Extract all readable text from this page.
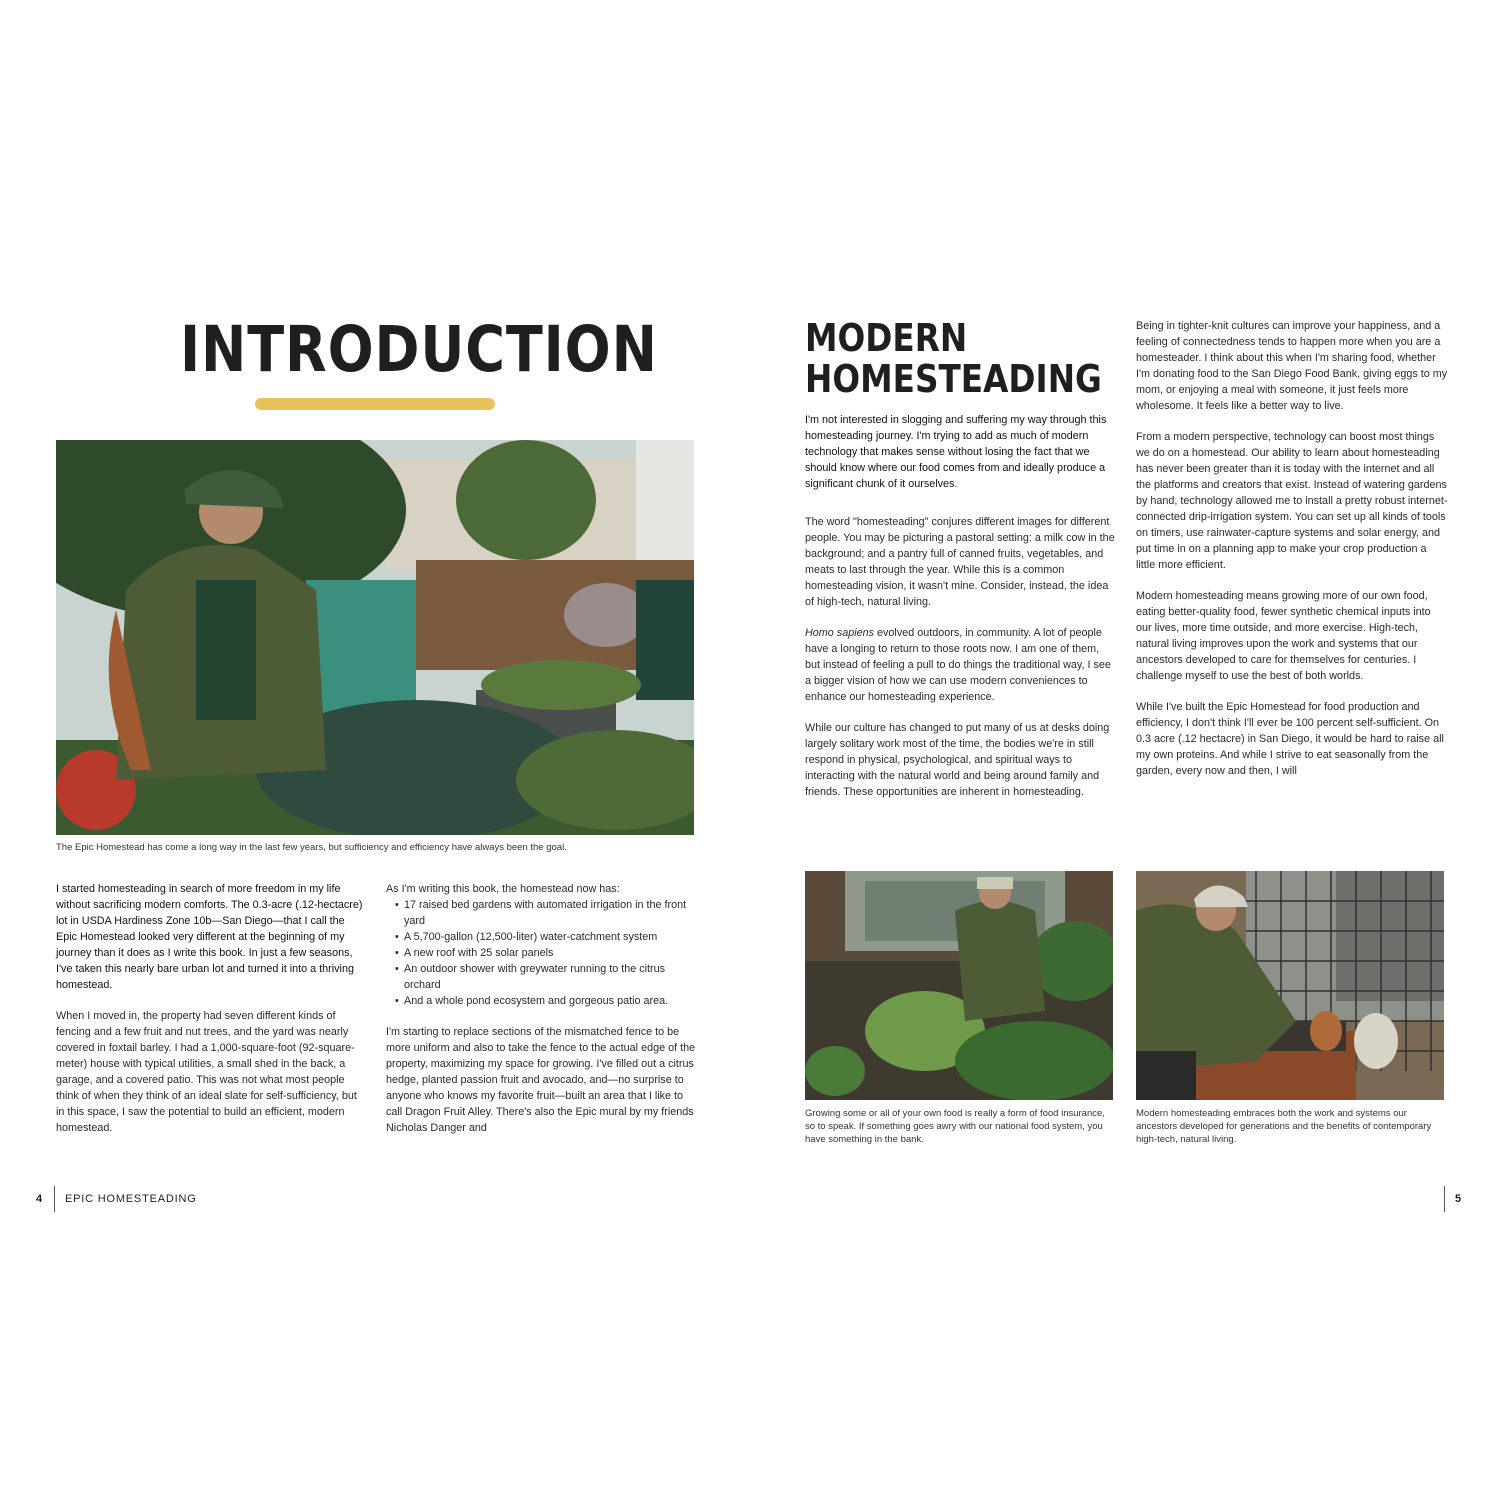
INTRODUCTION
The Epic Homestead has come a long way in the last few years, but sufficiency and efficiency have always been the goal.

I started homesteading in search of more freedom in my life without sacrificing modern comforts. The 0.3-acre (.12-hectacre) lot in USDA Hardiness Zone 10b—San Diego—that I call the Epic Homestead looked very different at the beginning of my journey than it does as I write this book. In just a few seasons, I've taken this nearly bare urban lot and turned it into a thriving homestead.

When I moved in, the property had seven different kinds of fencing and a few fruit and nut trees, and the yard was nearly covered in foxtail barley. I had a 1,000-square-foot (92-square-meter) house with typical utilities, a small shed in the back, a garage, and a covered patio. This was not what most people think of when they think of an ideal slate for self-sufficiency, but in this space, I saw the potential to build an efficient, modern homestead.

As I'm writing this book, the homestead now has:
• 17 raised bed gardens with automated irrigation in the front yard
• A 5,700-gallon (12,500-liter) water-catchment system
• A new roof with 25 solar panels
• An outdoor shower with greywater running to the citrus orchard
• And a whole pond ecosystem and gorgeous patio area.

I'm starting to replace sections of the mismatched fence to be more uniform and also to take the fence to the actual edge of the property, maximizing my space for growing. I've filled out a citrus hedge, planted passion fruit and avocado, and—no surprise to anyone who knows my favorite fruit—built an area that I like to call Dragon Fruit Alley. There's also the Epic mural by my friends Nicholas Danger and

4 EPIC HOMESTEADING
MODERN
HOMESTEADING

I'm not interested in slogging and suffering my way through this homesteading journey. I'm trying to add as much of modern technology that makes sense without losing the fact that we should know where our food comes from and ideally produce a significant chunk of it ourselves.

The word "homesteading" conjures different images for different people. You may be picturing a pastoral setting: a milk cow in the background; and a pantry full of canned fruits, vegetables, and meats to last through the year. While this is a common homesteading vision, it wasn't mine. Consider, instead, the idea of high-tech, natural living.

Homo sapiens evolved outdoors, in community. A lot of people have a longing to return to those roots now. I am one of them, but instead of feeling a pull to do things the traditional way, I see a bigger vision of how we can use modern conveniences to enhance our homesteading experience.

While our culture has changed to put many of us at desks doing largely solitary work most of the time, the bodies we're in still respond in physical, psychological, and spiritual ways to interacting with the natural world and being around family and friends. These opportunities are inherent in homesteading.

Being in tighter-knit cultures can improve your happiness, and a feeling of connectedness tends to happen more when you are a homesteader. I think about this when I'm sharing food, whether I'm donating food to the San Diego Food Bank, giving eggs to my mom, or enjoying a meal with someone, it just feels more wholesome. It feels like a better way to live.

From a modern perspective, technology can boost most things we do on a homestead. Our ability to learn about homesteading has never been greater than it is today with the internet and all the platforms and creators that exist. Instead of watering gardens by hand, technology allowed me to install a pretty robust internet-connected drip-irrigation system. You can set up all kinds of tools on timers, use rainwater-capture systems and solar energy, and put time in on a planning app to make your crop production a little more efficient.

Modern homesteading means growing more of our own food, eating better-quality food, fewer synthetic chemical inputs into our lives, more time outside, and more exercise. High-tech, natural living improves upon the work and systems that our ancestors developed to care for themselves for centuries. I challenge myself to use the best of both worlds.

While I've built the Epic Homestead for food production and efficiency, I don't think I'll ever be 100 percent self-sufficient. On 0.3 acre (.12 hectacre) in San Diego, it would be hard to raise all my own proteins. And while I strive to eat seasonally from the garden, every now and then, I will

Growing some or all of your own food is really a form of food insurance, so to speak. If something goes awry with our national food system, you have something in the bank.
Modern homesteading embraces both the work and systems our ancestors developed for generations and the benefits of contemporary high-tech, natural living.
5
